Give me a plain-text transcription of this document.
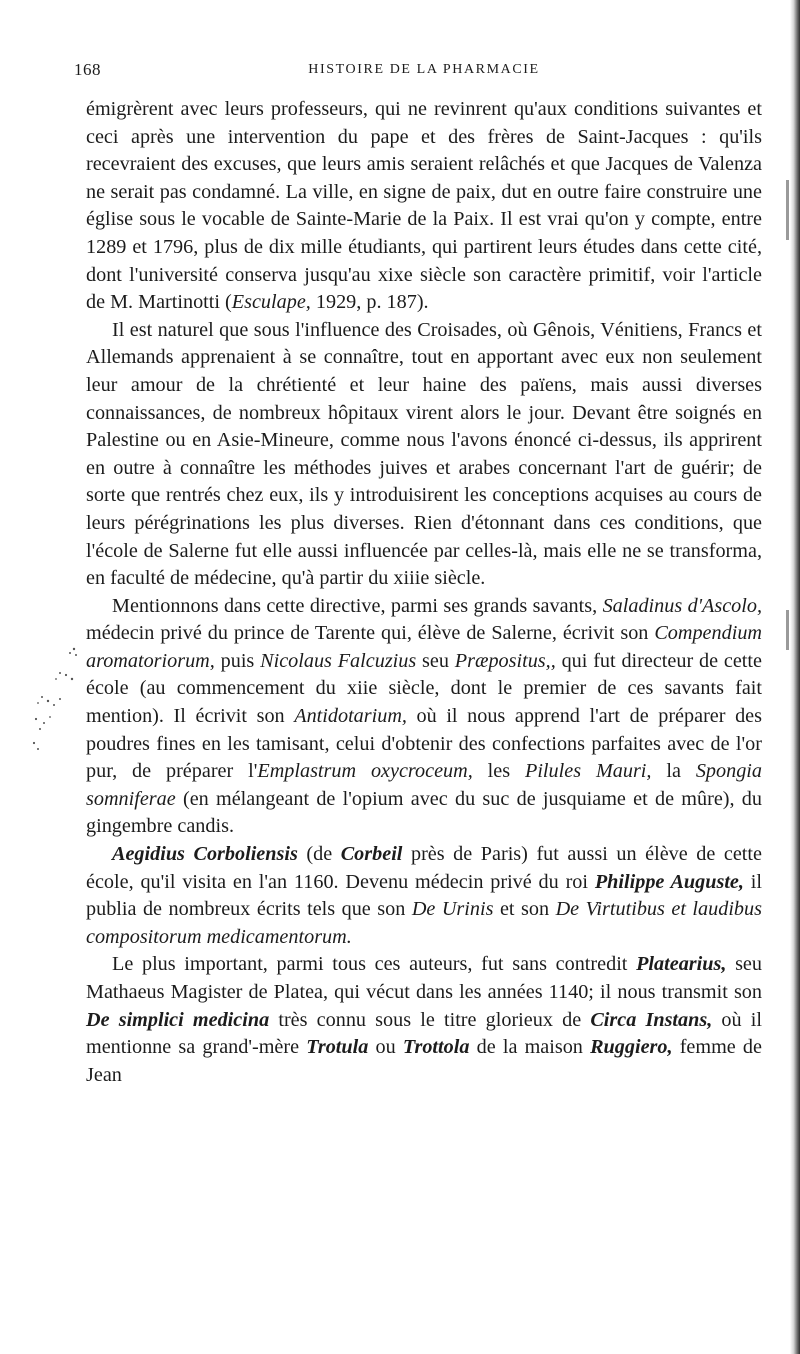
168	HISTOIRE DE LA PHARMACIE

émigrèrent avec leurs professeurs, qui ne revinrent qu'aux conditions suivantes et ceci après une intervention du pape et des frères de Saint-Jacques : qu'ils recevraient des excuses, que leurs amis seraient relâchés et que Jacques de Valenza ne serait pas condamné. La ville, en signe de paix, dut en outre faire construire une église sous le vocable de Sainte-Marie de la Paix. Il est vrai qu'on y compte, entre 1289 et 1796, plus de dix mille étudiants, qui partirent leurs études dans cette cité, dont l'université conserva jusqu'au xixe siècle son caractère primitif, voir l'article de M. Martinotti (Esculape, 1929, p. 187).

Il est naturel que sous l'influence des Croisades, où Gênois, Vénitiens, Francs et Allemands apprenaient à se connaître, tout en apportant avec eux non seulement leur amour de la chrétienté et leur haine des païens, mais aussi diverses connaissances, de nombreux hôpitaux virent alors le jour. Devant être soignés en Palestine ou en Asie-Mineure, comme nous l'avons énoncé ci-dessus, ils apprirent en outre à connaître les méthodes juives et arabes concernant l'art de guérir; de sorte que rentrés chez eux, ils y introduisirent les conceptions acquises au cours de leurs pérégrinations les plus diverses. Rien d'étonnant dans ces conditions, que l'école de Salerne fut elle aussi influencée par celles-là, mais elle ne se transforma, en faculté de médecine, qu'à partir du xiiie siècle.

Mentionnons dans cette directive, parmi ses grands savants, Saladinus d'Ascolo, médecin privé du prince de Tarente qui, élève de Salerne, écrivit son Compendium aromatoriorum, puis Nicolaus Falcuzius seu Præpositus,, qui fut directeur de cette école (au commencement du xiie siècle, dont le premier de ces savants fait mention). Il écrivit son Antidotarium, où il nous apprend l'art de préparer des poudres fines en les tamisant, celui d'obtenir des confections parfaites avec de l'or pur, de préparer l'Emplastrum oxycroceum, les Pilules Mauri, la Spongia somniferae (en mélangeant de l'opium avec du suc de jusquiame et de mûre), du gingembre candis.

Aegidius Corboliensis (de Corbeil près de Paris) fut aussi un élève de cette école, qu'il visita en l'an 1160. Devenu médecin privé du roi Philippe Auguste, il publia de nombreux écrits tels que son De Urinis et son De Virtutibus et laudibus compositorum medicamentorum.

Le plus important, parmi tous ces auteurs, fut sans contredit Platearius, seu Mathaeus Magister de Platea, qui vécut dans les années 1140; il nous transmit son De simplici medicina très connu sous le titre glorieux de Circa Instans, où il mentionne sa grand'-mère Trotula ou Trottola de la maison Ruggiero, femme de Jean
